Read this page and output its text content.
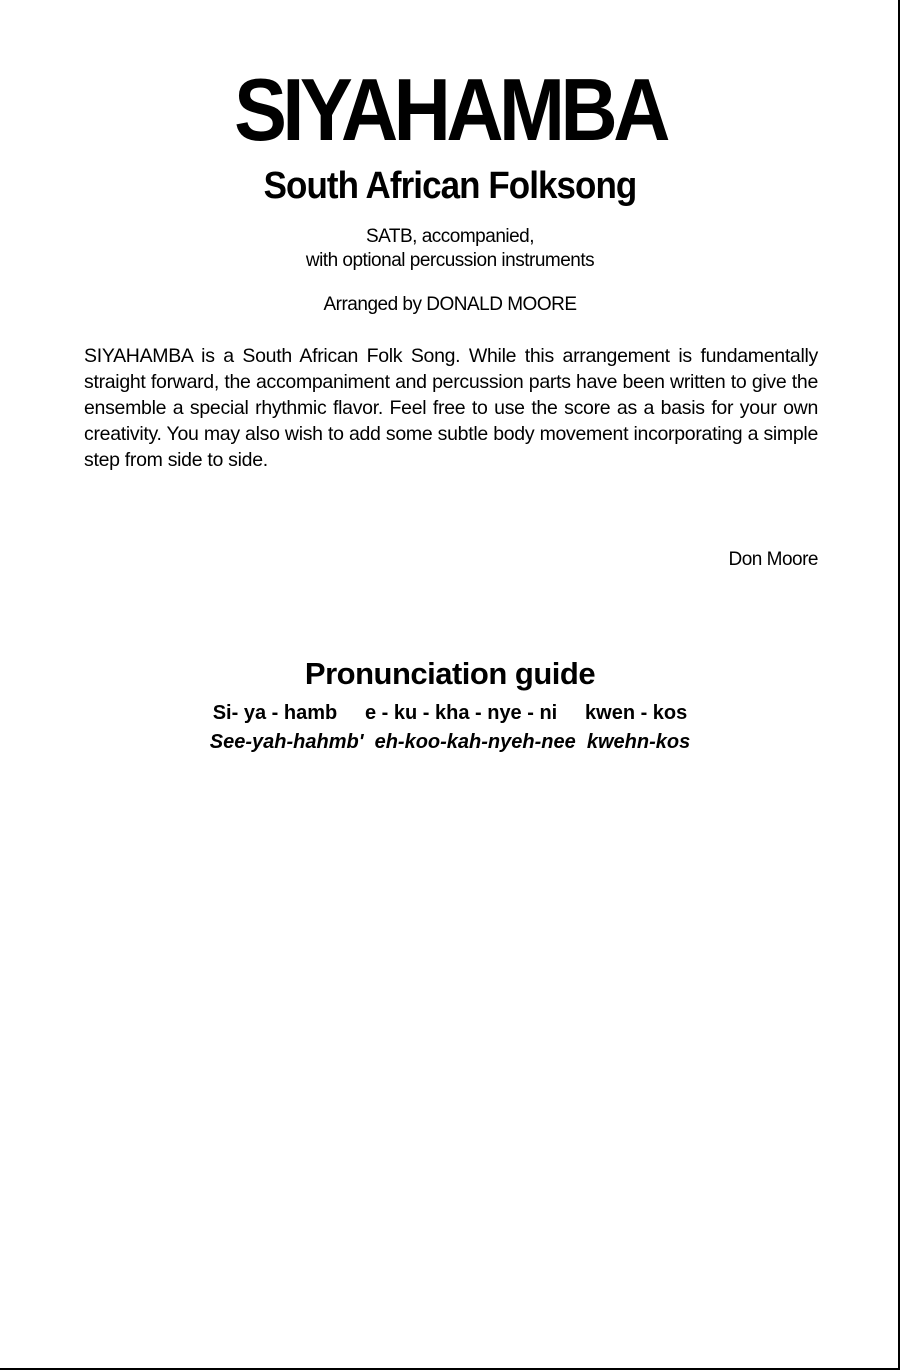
SIYAHAMBA
South African Folksong
SATB, accompanied,
with optional percussion instruments
Arranged by DONALD MOORE
SIYAHAMBA is a South African Folk Song. While this arrangement is fundamentally straight forward, the accompaniment and percussion parts have been written to give the ensemble a special rhythmic flavor. Feel free to use the score as a basis for your own creativity. You may also wish to add some subtle body movement incorporating a simple step from side to side.
Don Moore
Pronunciation guide
Si- ya - hamb     e - ku - kha - nye - ni     kwen - kos
See-yah-hahmb'  eh-koo-kah-nyeh-nee  kwehn-kos
